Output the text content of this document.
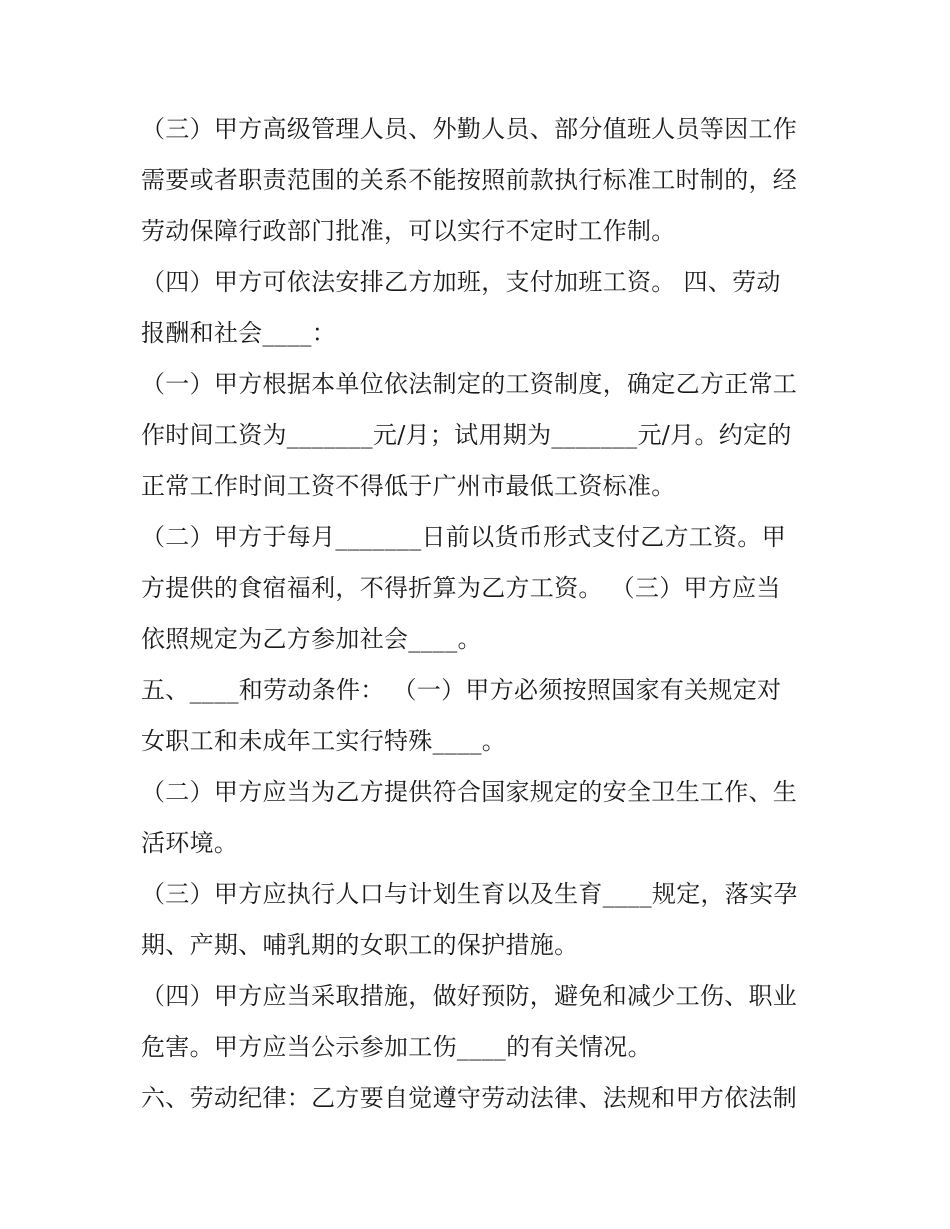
（三）甲方高级管理人员、外勤人员、部分值班人员等因工作
需要或者职责范围的关系不能按照前款执行标准工时制的，经
劳动保障行政部门批准，可以实行不定时工作制。
（四）甲方可依法安排乙方加班，支付加班工资。 四、劳动
报酬和社会____：
（一）甲方根据本单位依法制定的工资制度，确定乙方正常工
作时间工资为_______元/月；试用期为_______元/月。约定的
正常工作时间工资不得低于广州市最低工资标准。
（二）甲方于每月_______日前以货币形式支付乙方工资。甲
方提供的食宿福利，不得折算为乙方工资。 （三）甲方应当
依照规定为乙方参加社会____。
五、____和劳动条件： （一）甲方必须按照国家有关规定对
女职工和未成年工实行特殊____。
（二）甲方应当为乙方提供符合国家规定的安全卫生工作、生
活环境。
（三）甲方应执行人口与计划生育以及生育____规定，落实孕
期、产期、哺乳期的女职工的保护措施。
（四）甲方应当采取措施，做好预防，避免和减少工伤、职业
危害。甲方应当公示参加工伤____的有关情况。
六、劳动纪律：乙方要自觉遵守劳动法律、法规和甲方依法制
